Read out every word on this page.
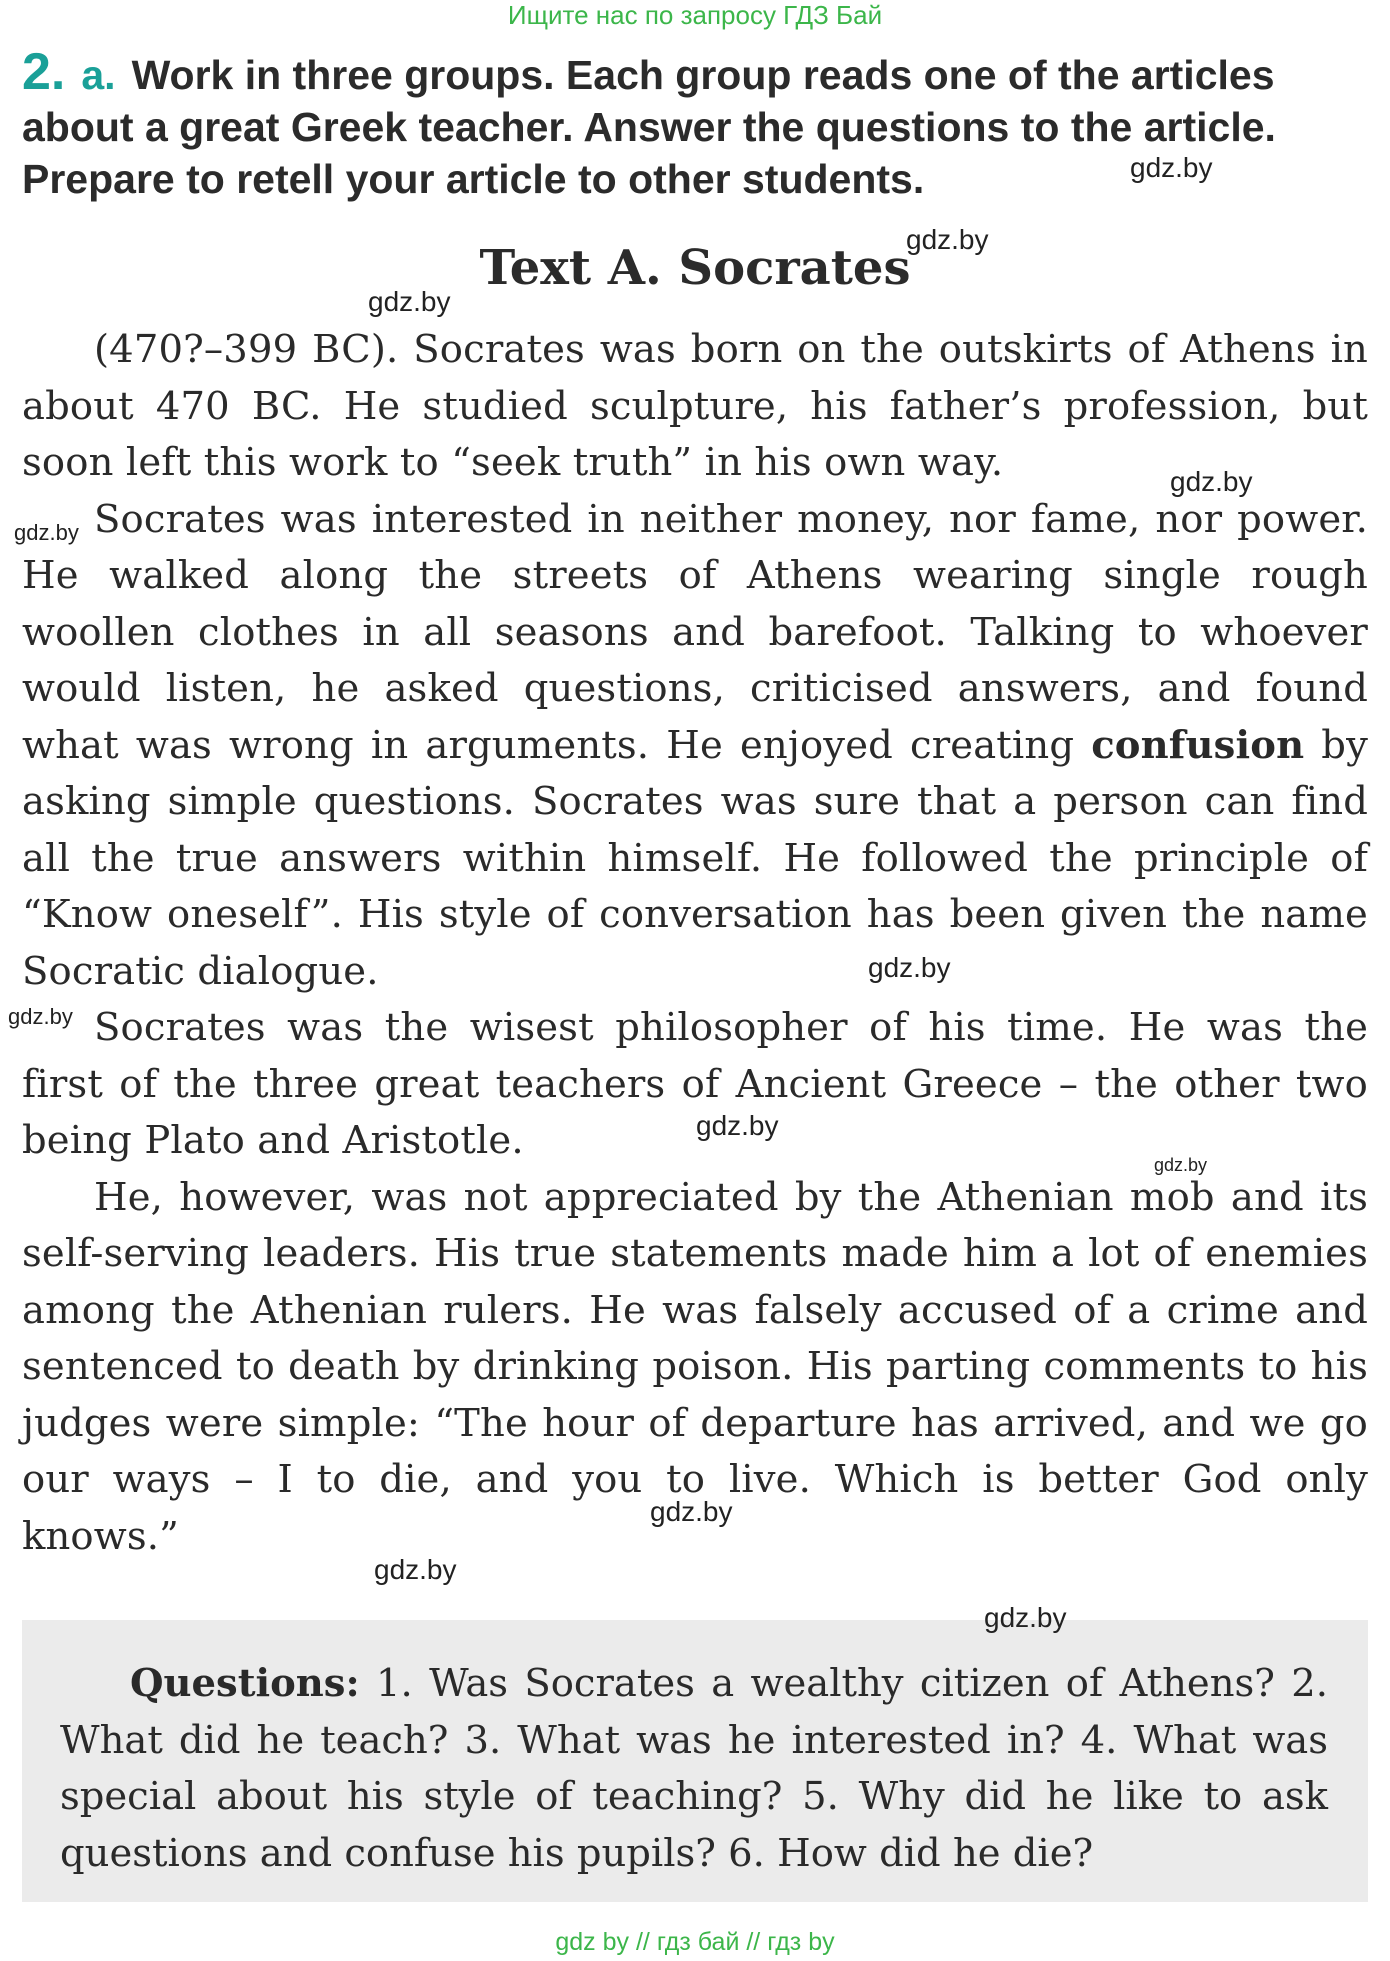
Ищите нас по запросу ГДЗ Бай
2. a. Work in three groups. Each group reads one of the articles about a great Greek teacher. Answer the questions to the article. Prepare to retell your article to other students.
Text A. Socrates

(470?–399 BC). Socrates was born on the outskirts of Athens in about 470 BC. He studied sculpture, his father’s profession, but soon left this work to “seek truth” in his own way.

Socrates was interested in neither money, nor fame, nor power. He walked along the streets of Athens wearing single rough woollen clothes in all seasons and barefoot. Talking to whoever would listen, he asked questions, criticised answers, and found what was wrong in arguments. He enjoyed creating confusion by asking simple questions. Socrates was sure that a person can find all the true answers within himself. He followed the principle of “Know oneself”. His style of conversation has been given the name Socratic dialogue.

Socrates was the wisest philosopher of his time. He was the first of the three great teachers of Ancient Greece – the other two being Plato and Aristotle.

He, however, was not appreciated by the Athenian mob and its self-serving leaders. His true statements made him a lot of enemies among the Athenian rulers. He was falsely accused of a crime and sentenced to death by drinking poison. His parting comments to his judges were simple: “The hour of departure has arrived, and we go our ways – I to die, and you to live. Which is better God only knows.”

Questions: 1. Was Socrates a wealthy citizen of Athens? 2. What did he teach? 3. What was he interested in? 4. What was special about his style of teaching? 5. Why did he like to ask questions and confuse his pupils? 6. How did he die?

gdz.by
gdz.by
gdz.by
gdz.by
gdz.by
gdz.by
gdz.by
gdz.by
gdz.by
gdz.by
gdz.by
gdz.by
gdz by // гдз бай // гдз by
